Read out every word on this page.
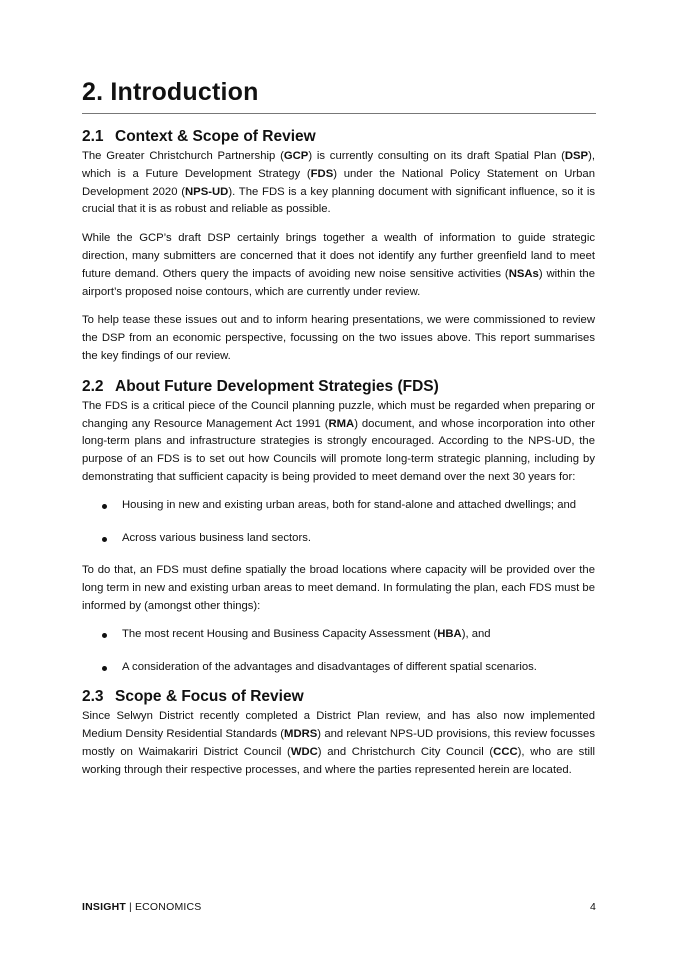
2. Introduction
2.1 Context & Scope of Review

The Greater Christchurch Partnership (GCP) is currently consulting on its draft Spatial Plan (DSP), which is a Future Development Strategy (FDS) under the National Policy Statement on Urban Development 2020 (NPS-UD). The FDS is a key planning document with significant influence, so it is crucial that it is as robust and reliable as possible.

While the GCP’s draft DSP certainly brings together a wealth of information to guide strategic direction, many submitters are concerned that it does not identify any further greenfield land to meet future demand. Others query the impacts of avoiding new noise sensitive activities (NSAs) within the airport’s proposed noise contours, which are currently under review.

To help tease these issues out and to inform hearing presentations, we were commissioned to review the DSP from an economic perspective, focussing on the two issues above. This report summarises the key findings of our review.

2.2 About Future Development Strategies (FDS)

The FDS is a critical piece of the Council planning puzzle, which must be regarded when preparing or changing any Resource Management Act 1991 (RMA) document, and whose incorporation into other long-term plans and infrastructure strategies is strongly encouraged. According to the NPS-UD, the purpose of an FDS is to set out how Councils will promote long-term strategic planning, including by demonstrating that sufficient capacity is being provided to meet demand over the next 30 years for:

Housing in new and existing urban areas, both for stand-alone and attached dwellings; and
Across various business land sectors.

To do that, an FDS must define spatially the broad locations where capacity will be provided over the long term in new and existing urban areas to meet demand. In formulating the plan, each FDS must be informed by (amongst other things):

The most recent Housing and Business Capacity Assessment (HBA), and
A consideration of the advantages and disadvantages of different spatial scenarios.
2.3 Scope & Focus of Review

Since Selwyn District recently completed a District Plan review, and has also now implemented Medium Density Residential Standards (MDRS) and relevant NPS-UD provisions, this review focusses mostly on Waimakariri District Council (WDC) and Christchurch City Council (CCC), who are still working through their respective processes, and where the parties represented herein are located.

INSIGHT | ECONOMICS	4
